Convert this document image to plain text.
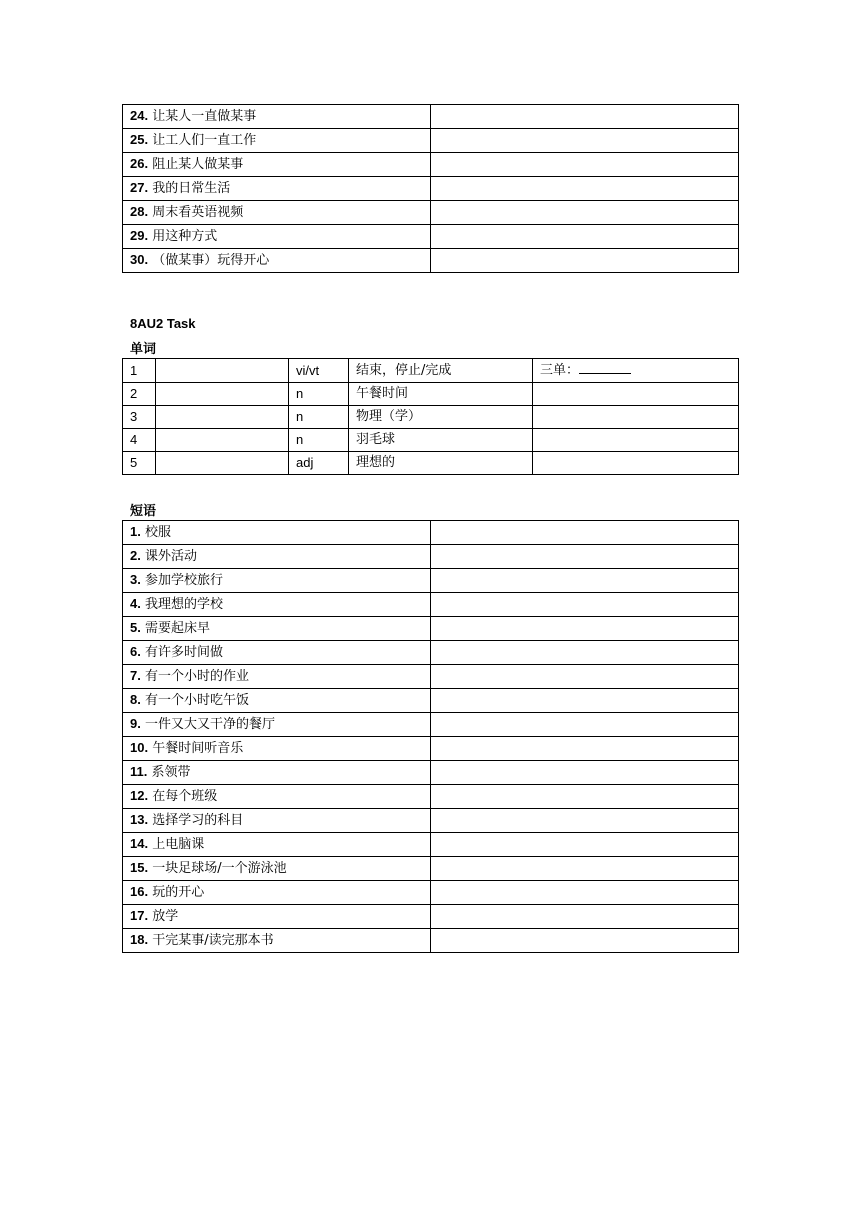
24. 让某人一直做某事	
25. 让工人们一直工作	
26. 阻止某人做某事	
27. 我的日常生活	
28. 周末看英语视频	
29. 用这种方式	
30. （做某事）玩得开心	
8AU2 Task
单词
1		vi/vt	结束，停止/完成	三单：
2		n	午餐时间	
3		n	物理（学）	
4		n	羽毛球	
5		adj	理想的	
短语
1. 校服	
2. 课外活动	
3. 参加学校旅行	
4. 我理想的学校	
5. 需要起床早	
6. 有许多时间做	
7. 有一个小时的作业	
8. 有一个小时吃午饭	
9. 一件又大又干净的餐厅	
10. 午餐时间听音乐	
11. 系领带	
12. 在每个班级	
13. 选择学习的科目	
14. 上电脑课	
15. 一块足球场/一个游泳池	
16. 玩的开心	
17. 放学	
18. 干完某事/读完那本书	
